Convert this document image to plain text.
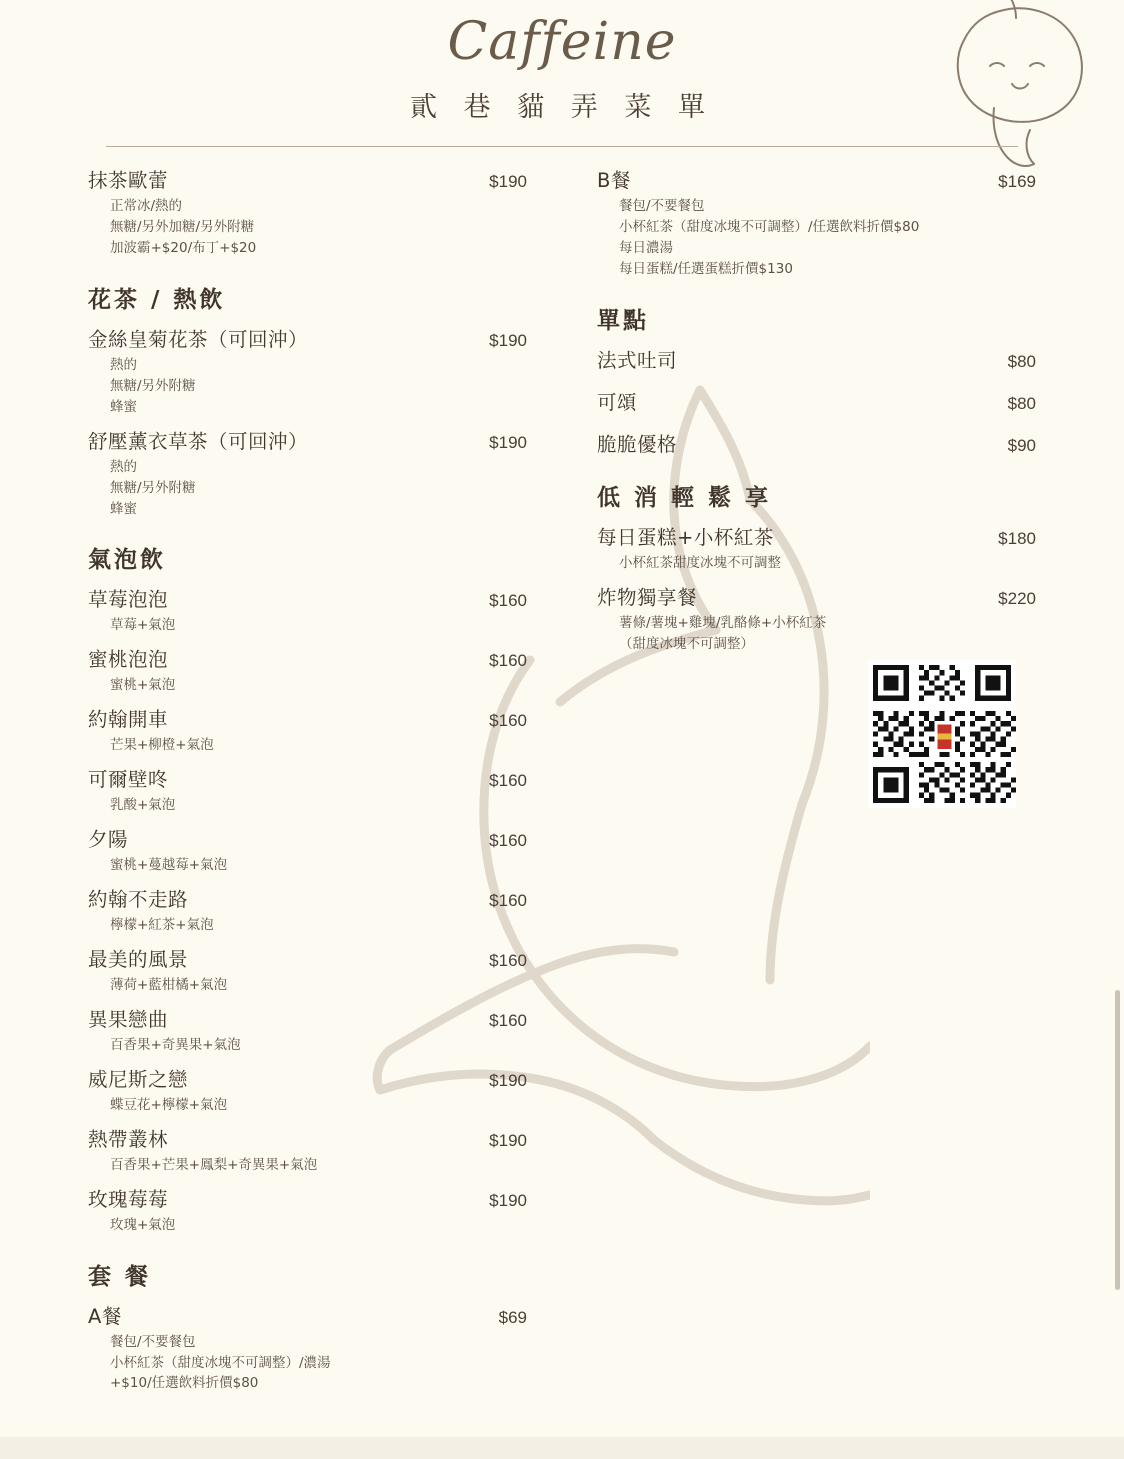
Caffeine
貳 巷 貓 弄 菜 單
抹茶歐蕾	$190
正常冰/熱的
無糖/另外加糖/另外附糖
加波霸+$20/布丁+$20
花茶 / 熱飲
金絲皇菊花茶（可回沖）	$190
熱的
無糖/另外附糖
蜂蜜
舒壓薰衣草茶（可回沖）	$190
熱的
無糖/另外附糖
蜂蜜
氣泡飲
草莓泡泡	$160
草莓+氣泡
蜜桃泡泡	$160
蜜桃+氣泡
約翰開車	$160
芒果+柳橙+氣泡
可爾壁咚	$160
乳酸+氣泡
夕陽	$160
蜜桃+蔓越莓+氣泡
約翰不走路	$160
檸檬+紅茶+氣泡
最美的風景	$160
薄荷+藍柑橘+氣泡
異果戀曲	$160
百香果+奇異果+氣泡
威尼斯之戀	$190
蝶豆花+檸檬+氣泡
熱帶叢林	$190
百香果+芒果+鳳梨+奇異果+氣泡
玫瑰莓莓	$190
玫瑰+氣泡
套 餐
A餐	$69
餐包/不要餐包
小杯紅茶（甜度冰塊不可調整）/濃湯
+$10/任選飲料折價$80
B餐	$169
餐包/不要餐包
小杯紅茶（甜度冰塊不可調整）/任選飲料折價$80
每日濃湯
每日蛋糕/任選蛋糕折價$130
單點
法式吐司	$80
可頌	$80
脆脆優格	$90
低 消 輕 鬆 享
每日蛋糕+小杯紅茶	$180
小杯紅茶甜度冰塊不可調整
炸物獨享餐	$220
薯條/薯塊+雞塊/乳酪條+小杯紅茶
（甜度冰塊不可調整）
